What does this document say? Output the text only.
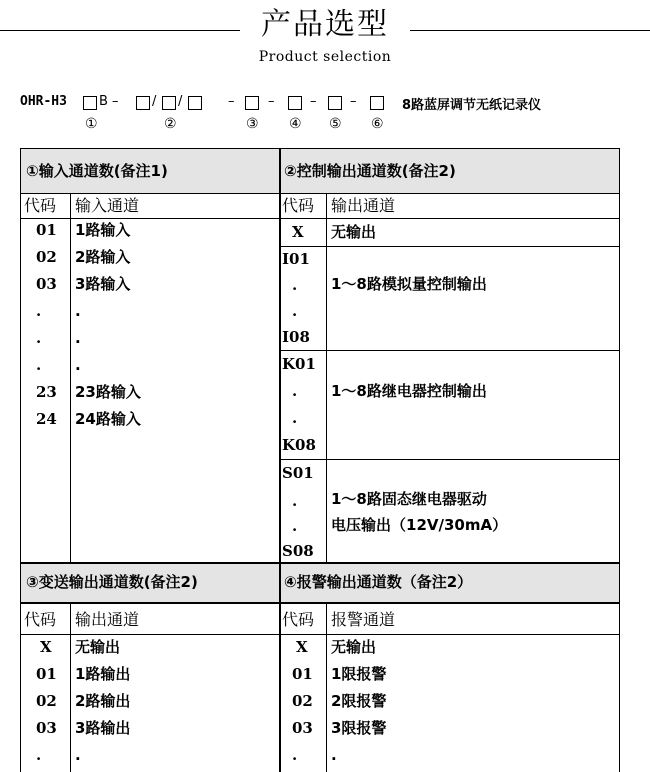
产品选型
Product selection
OHR-H3 B –	/ /	–	–	–	–	8路蓝屏调节无纸记录仪
①	②	③ ④ ⑤ ⑥
①输入通道数(备注1)
代码 输入通道
01 1路输入
02 2路输入
03 3路输入
. .
. .
. .
23 23路输入
24 24路输入
②控制输出通道数(备注2)
代码 输出通道
X 无输出
I01
.
.
I08
1～8路模拟量控制输出
K01
.
.
K08
1～8路继电器控制输出
S01
.
.
S08
1～8路固态继电器驱动
电压输出（12V/30mA）
③变送输出通道数(备注2)
代码 输出通道
X 无输出
01 1路输出
02 2路输出
03 3路输出
. .
④报警输出通道数（备注2）
代码 报警通道
X 无输出
01 1限报警
02 2限报警
03 3限报警
. .
